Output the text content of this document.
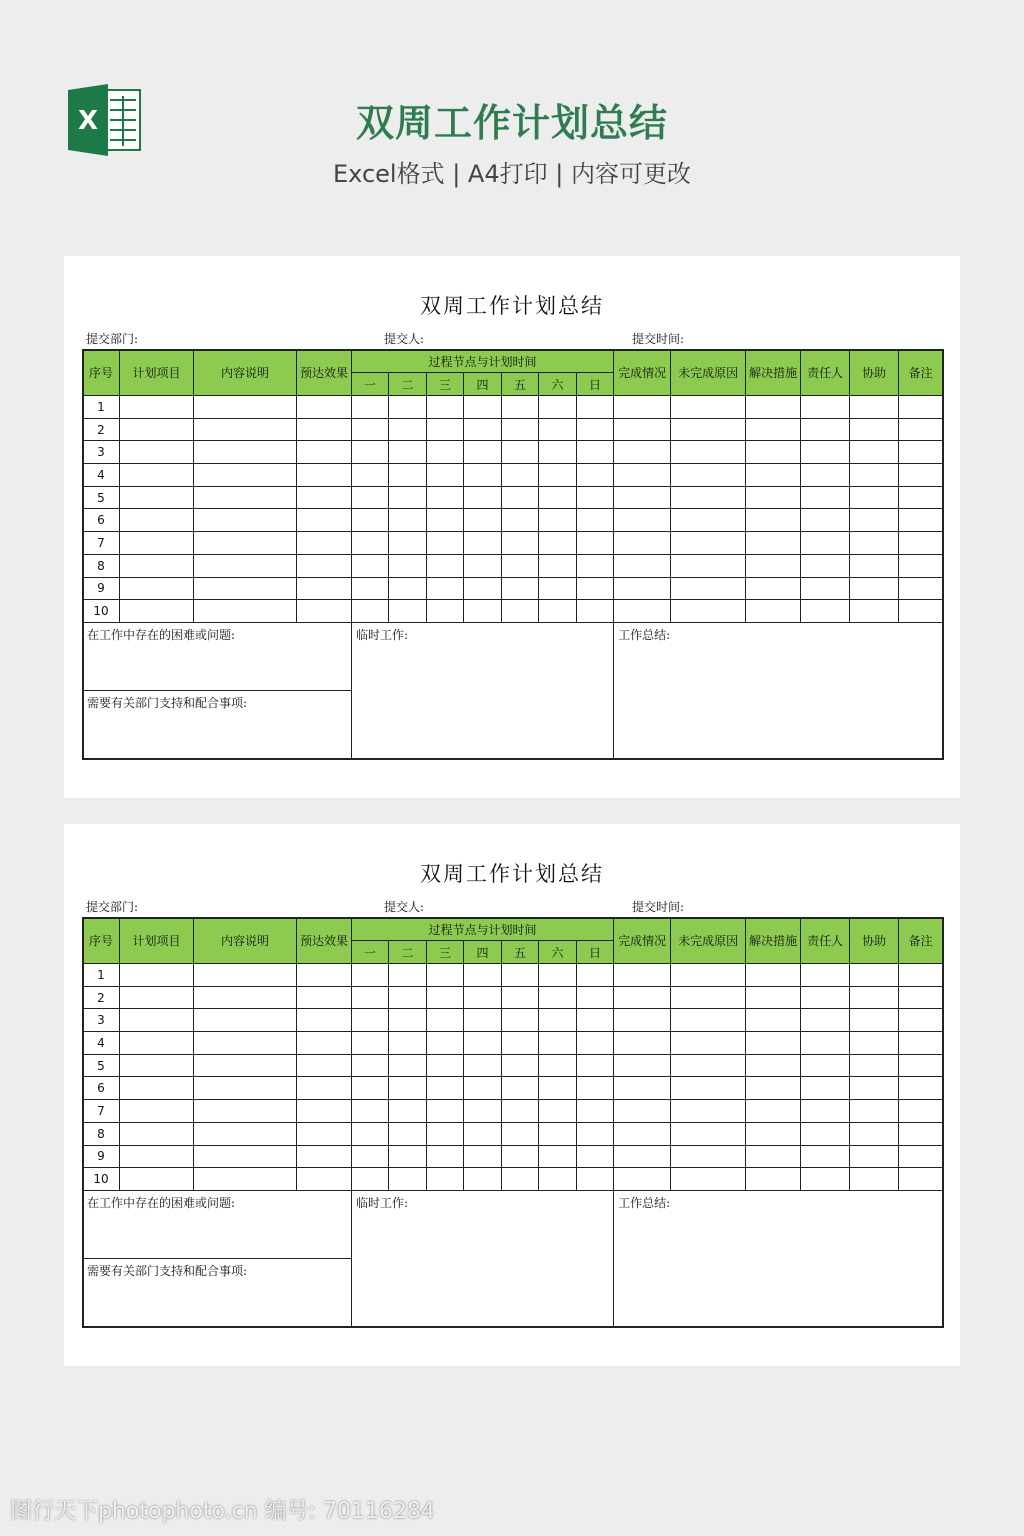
X	双周工作计划总结
Excel格式 | A4打印 | 内容可更改
双周工作计划总结
提交部门:	提交人:	提交时间:
序号	计划项目	内容说明	预达效果	过程节点与计划时间							完成情况	未完成原因	解决措施	责任人	协助	备注
				一	二	三	四	五	六	日						
1																
2																
3																
4																
5																
6																
7																
8																
9																
10																
在工作中存在的困难或问题:				临时工作:							工作总结:					
需要有关部门支持和配合事项:																
双周工作计划总结
提交部门:	提交人:	提交时间:
序号	计划项目	内容说明	预达效果	过程节点与计划时间							完成情况	未完成原因	解决措施	责任人	协助	备注
				一	二	三	四	五	六	日						
1																
2																
3																
4																
5																
6																
7																
8																
9																
10																
在工作中存在的困难或问题:				临时工作:							工作总结:					
需要有关部门支持和配合事项:																
图行天下photophoto.cn 编号: 70116284
